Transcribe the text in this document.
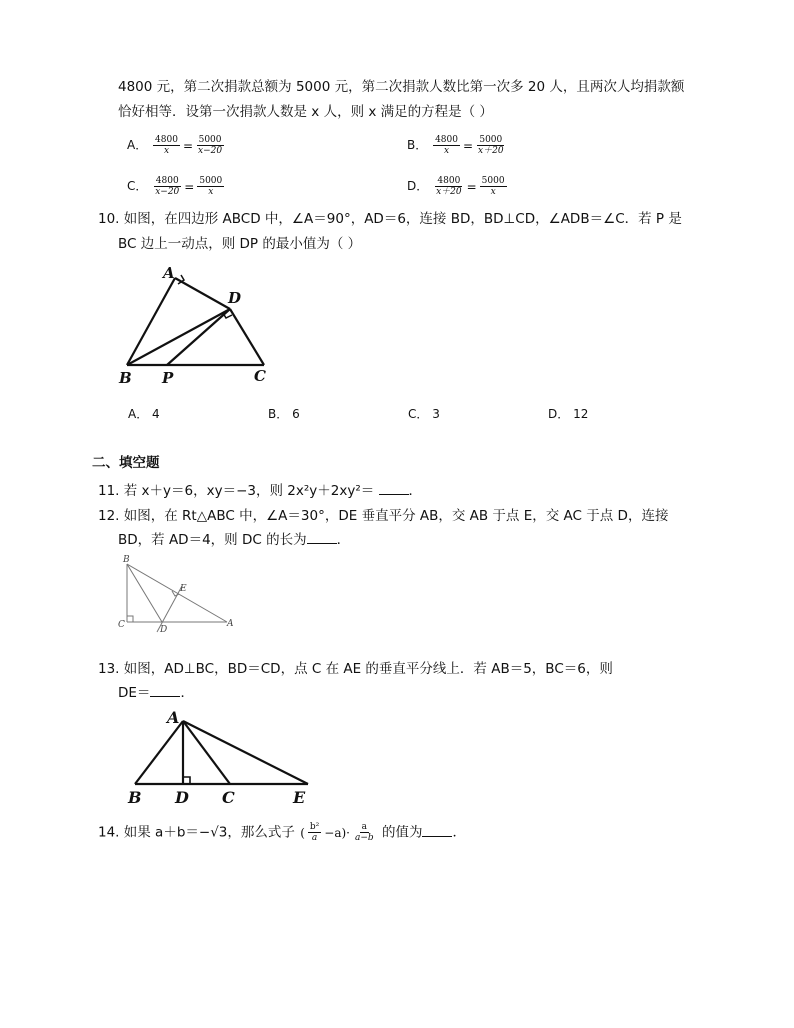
4800 元，第二次捐款总额为 5000 元，第二次捐款人数比第一次多 20 人，且两次人均捐款额
恰好相等．设第一次捐款人数是 x 人，则 x 满足的方程是（ ）
A． $\frac{4800}{x} = \frac{5000}{x-20}$	B． $\frac{4800}{x} = \frac{5000}{x+20}$
C． $\frac{4800}{x-20} = \frac{5000}{x}$	D． $\frac{4800}{x+20} = \frac{5000}{x}$
10. 如图，在四边形 ABCD 中，∠A＝90°，AD＝6，连接 BD，BD⊥CD，∠ADB＝∠C．若 P 是
BC 边上一动点，则 DP 的最小值为（ ）
A
D
B P	C
A． 4	B． 6	C． 3	D． 12
二、填空题
11. 若 x＋y＝6，xy＝−3，则 2x²y＋2xy²＝	．
12. 如图，在 Rt△ABC 中，∠A＝30°，DE 垂直平分 AB，交 AB 于点 E，交 AC 于点 D，连接
BD，若 AD＝4，则 DC 的长为 ．
B
E
C	D
A
13. 如图，AD⊥BC，BD＝CD，点 C 在 AE 的垂直平分线上．若 AB＝5，BC＝6，则
DE＝ ．
A
B D C	E
14. 如果 a＋b＝−√3，那么式子 ( $\frac{\text{b²}}{a} -a)\cdot \frac{a}{a-b}$ 的值为 ．
